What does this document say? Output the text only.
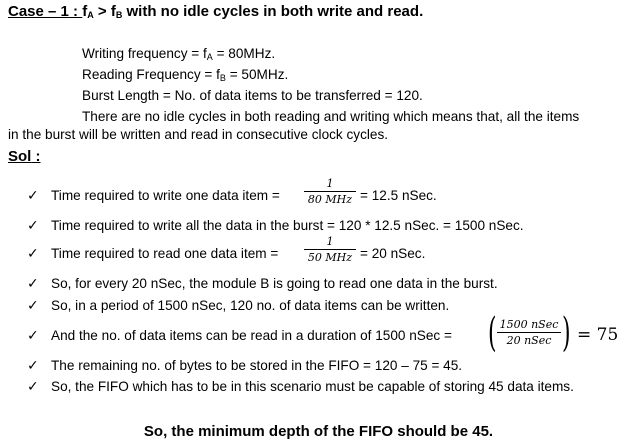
Case – 1 : $f_A > f_B$ with no idle cycles in both write and read.
Writing frequency = $f_A = 80MHz$.
Reading Frequency = $f_B = 50MHz$.
Burst Length = No. of data items to be transferred = 120.
There are no idle cycles in both reading and writing which means that, all the items
in the burst will be written and read in consecutive clock cycles.
Sol :
✓ Time required to write one data item =
1
80 MHz = 12.5 nSec.
✓ Time required to write all the data in the burst = 120 * 12.5 nSec. = 1500 nSec.
✓ Time required to read one data item =
1
50 MHz = 20 nSec.
✓ So, for every 20 nSec, the module B is going to read one data in the burst.
✓ So, in a period of 1500 nSec, 120 no. of data items can be written.
✓ And the no. of data items can be read in a duration of 1500 nSec = ( 1500 nSec
20 nSec ) = 75
✓ The remaining no. of bytes to be stored in the FIFO = 120 – 75 = 45.
✓ So, the FIFO which has to be in this scenario must be capable of storing 45 data items.
So, the minimum depth of the FIFO should be 45.
